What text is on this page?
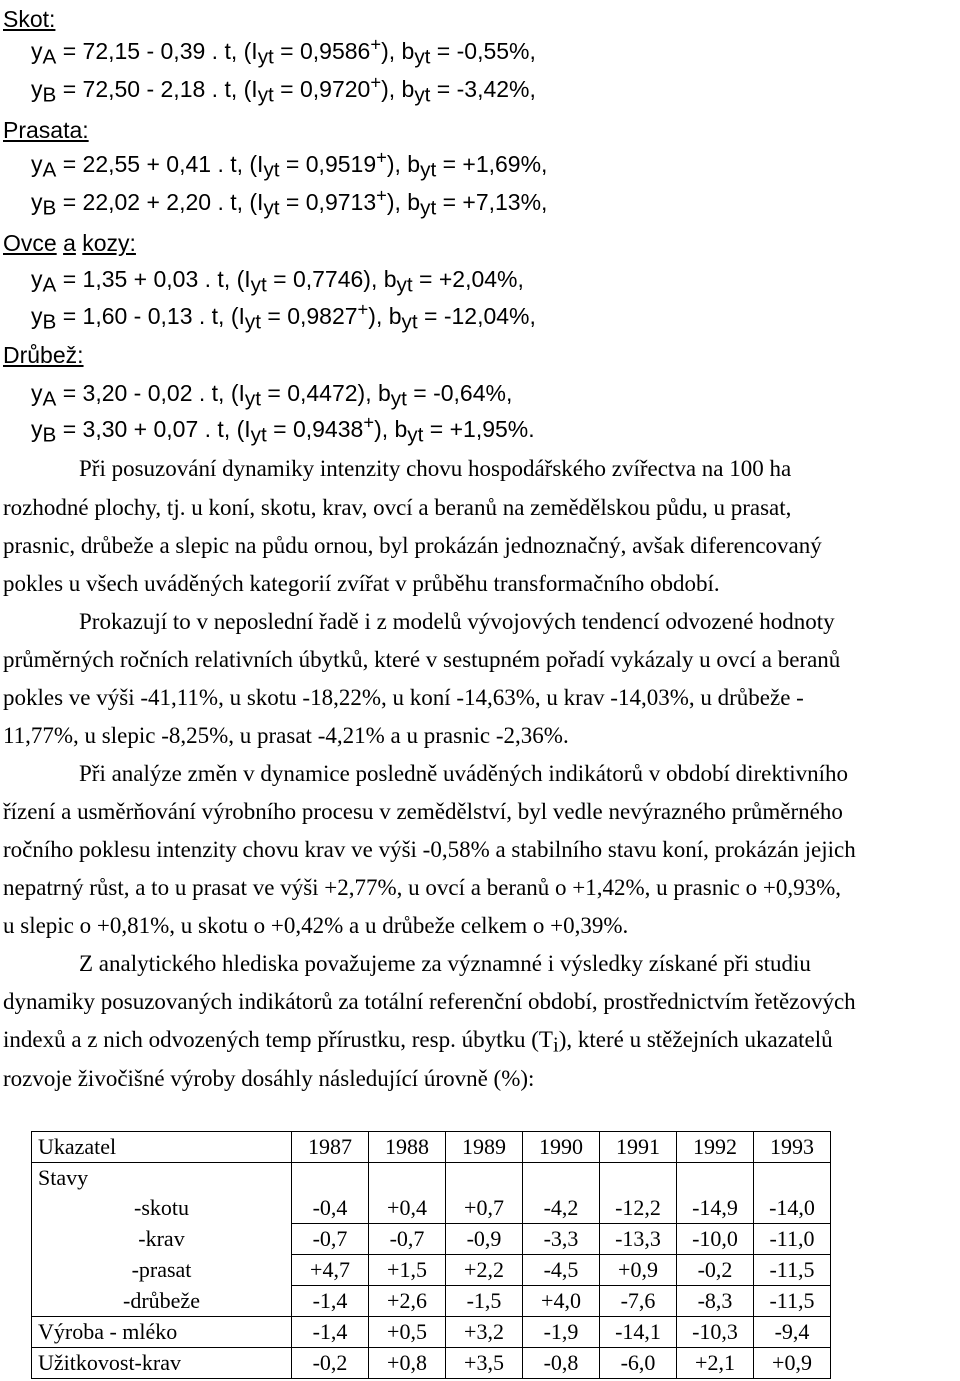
Skot:
$y_A = 72,15 - 0,39$ . t, $(I_{yt} = 0,9586^+)$, $b_{yt} = -0,55\%$,
$y_B = 72,50 - 2,18$ . t, $(I_{yt} = 0,9720^+)$, $b_{yt} = -3,42\%$,
Prasata:
$y_A = 22,55 + 0,41$ . t, $(I_{yt} = 0,9519^+)$, $b_{yt} = +1,69\%$,
$y_B = 22,02 + 2,20$ . t, $(I_{yt} = 0,9713^+)$, $b_{yt} = +7,13\%$,
Ovce a kozy:
$y_A = 1,35 + 0,03$ . t, $(I_{yt} = 0,7746)$, $b_{yt} = +2,04\%$,
$y_B = 1,60 - 0,13$ . t, $(I_{yt} = 0,9827^+)$, $b_{yt} = -12,04\%$,
Drůbež:
$y_A = 3,20 - 0,02$ . t, $(I_{yt} = 0,4472)$, $b_{yt} = -0,64\%$,
$y_B = 3,30 + 0,07$ . t, $(I_{yt} = 0,9438^+)$, $b_{yt} = +1,95\%$.
Při posuzování dynamiky intenzity chovu hospodářského zvířectva na 100 ha
rozhodné plochy, tj. u koní, skotu, krav, ovcí a beranů na zemědělskou půdu, u prasat,
prasnic, drůbeže a slepic na půdu ornou, byl prokázán jednoznačný, avšak diferencovaný
pokles u všech uváděných kategorií zvířat v průběhu transformačního období.
Prokazují to v neposlední řadě i z modelů vývojových tendencí odvozené hodnoty
průměrných ročních relativních úbytků, které v sestupném pořadí vykázaly u ovcí a beranů
pokles ve výši -41,11%, u skotu -18,22%, u koní -14,63%, u krav -14,03%, u drůbeže -
11,77%, u slepic -8,25%, u prasat -4,21% a u prasnic -2,36%.
Při analýze změn v dynamice posledně uváděných indikátorů v období direktivního
řízení a usměrňování výrobního procesu v zemědělství, byl vedle nevýrazného průměrného
ročního poklesu intenzity chovu krav ve výši -0,58% a stabilního stavu koní, prokázán jejich
nepatrný růst, a to u prasat ve výši +2,77%, u ovcí a beranů o +1,42%, u prasnic o +0,93%,
u slepic o +0,81%, u skotu o +0,42% a u drůbeže celkem o +0,39%.
Z analytického hlediska považujeme za významné i výsledky získané při studiu
dynamiky posuzovaných indikátorů za totální referenční období, prostřednictvím řetězových
indexů a z nich odvozených temp přírustku, resp. úbytku $(T_i)$, které u stěžejních ukazatelů
rozvoje živočišné výroby dosáhly následující úrovně (%):
Ukazatel	1987	1988	1989	1990	1991	1992	1993
Stavy							
-skotu	-0,4	+0,4	+0,7	-4,2	-12,2	-14,9	-14,0
-krav	-0,7	-0,7	-0,9	-3,3	-13,3	-10,0	-11,0
-prasat	+4,7	+1,5	+2,2	-4,5	+0,9	-0,2	-11,5
-drůbeže	-1,4	+2,6	-1,5	+4,0	-7,6	-8,3	-11,5
Výroba - mléko	-1,4	+0,5	+3,2	-1,9	-14,1	-10,3	-9,4
Užitkovost-krav	-0,2	+0,8	+3,5	-0,8	-6,0	+2,1	+0,9
